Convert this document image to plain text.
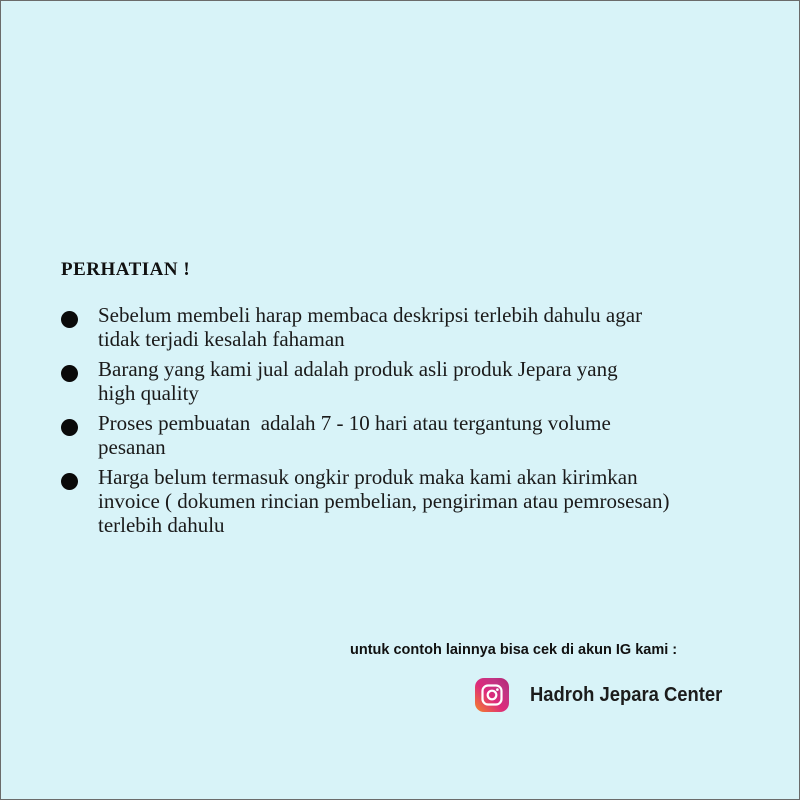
PERHATIAN !
Sebelum membeli harap membaca deskripsi terlebih dahulu agar
tidak terjadi kesalah fahaman
Barang yang kami jual adalah produk asli produk Jepara yang
high quality
Proses pembuatan  adalah 7 - 10 hari atau tergantung volume
pesanan
Harga belum termasuk ongkir produk maka kami akan kirimkan
invoice ( dokumen rincian pembelian, pengiriman atau pemrosesan)
terlebih dahulu
untuk contoh lainnya bisa cek di akun IG kami :
Hadroh Jepara Center
